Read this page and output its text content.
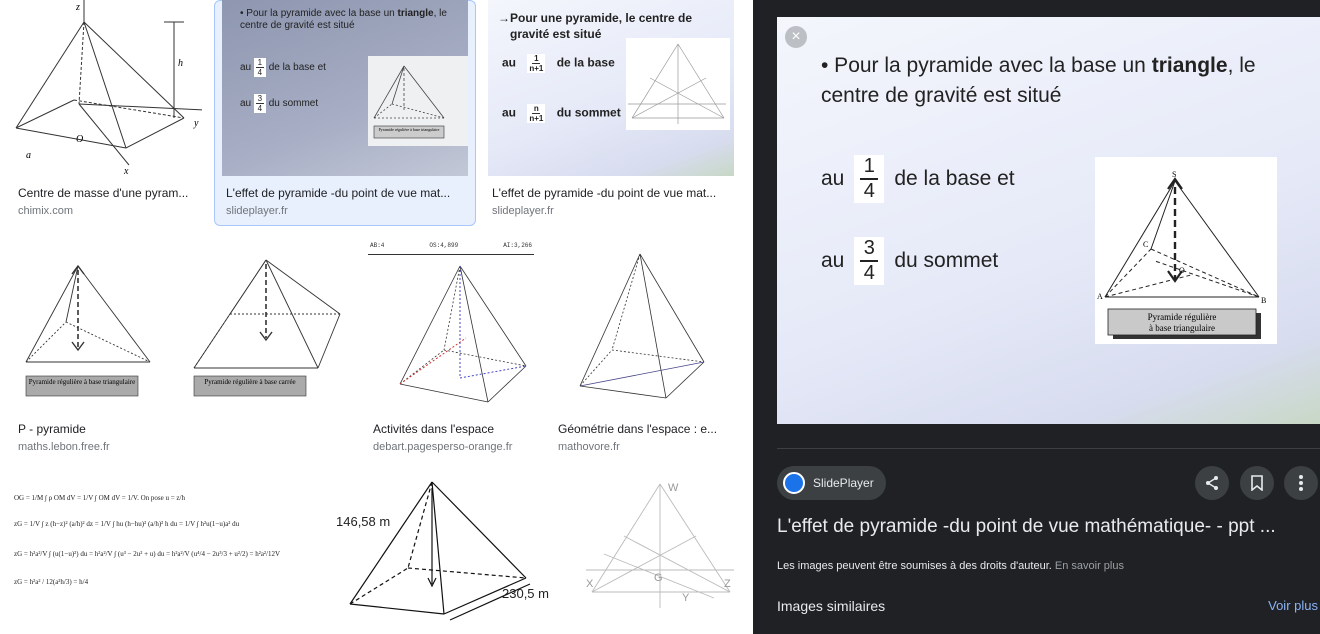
z
h
O
a
x
y
Centre de masse d'une pyram...
chimix.com
• Pour la pyramide avec la base un triangle, le centre de gravité est situé
au $\frac{1}{4}$ de la base et
au $\frac{3}{4}$ du sommet
Pyramide régulière à base triangulaire
L'effet de pyramide -du point de vue mat...
slideplayer.fr
→Pour une pyramide, le centre de
gravité est situé
au $\frac{1}{n+1}$ de la base
au $\frac{n}{n+1}$ du sommet
L'effet de pyramide -du point de vue mat...
slideplayer.fr
Pyramide régulière à base triangulaire	Pyramide régulière à base carrée
P - pyramide
maths.lebon.free.fr
AB:4	OS:4,899	AI:3,266
Activités dans l'espace
debart.pagesperso-orange.fr
Géométrie dans l'espace : e...
mathovore.fr
OG = 1/M ∫ ρ OM dV = 1/V ∫ OM dV = 1/V. On pose u = z/h
zG = 1/V ∫ z (h−z)² (a/h)² dz = 1/V ∫ hu (h−hu)² (a/h)² h du = 1/V ∫ h²u(1−u)a² du
zG = h²a²/V ∫ (u(1−u)²) du = h²a²/V ∫ (u³ − 2u² + u) du = h²a²/V (u⁴/4 − 2u³/3 + u²/2) = h²a²/12V
zG = h²a² / 12(a²h/3) = h/4
146,58 m
230,5 m
W
X	Z
G
Y
• Pour la pyramide avec la base un triangle, le centre de gravité est situé
au $\frac{1}{4}$ de la base et
au $\frac{3}{4}$ du sommet
S
A	B
C
O
Pyramide régulière
à base triangulaire
×
SlidePlayer
L'effet de pyramide -du point de vue mathématique- - ppt ...
Les images peuvent être soumises à des droits d'auteur. En savoir plus
Images similaires	Voir plus
